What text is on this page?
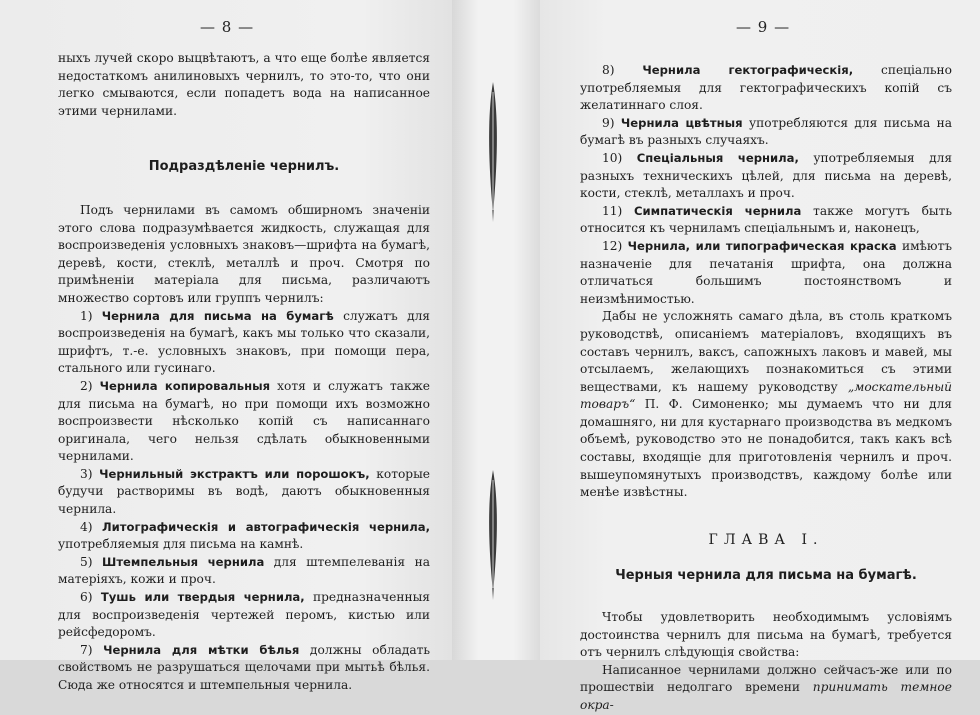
— 8 —

ныхъ лучей скоро выцвѣтаютъ, а что еще болѣе является недостаткомъ анилиновыхъ чернилъ, то это-то, что они легко смываются, если попадетъ вода на написанное этими чернилами.

Подраздѣленіе чернилъ.

Подъ чернилами въ самомъ обширномъ значеніи этого слова подразумѣвается жидкость, служащая для воспроизведенія условныхъ знаковъ—шрифта на бумагѣ, деревѣ, кости, стеклѣ, металлѣ и проч. Смотря по примѣненіи матеріала для письма, различаютъ множество сортовъ или группъ чернилъ:

1) Чернила для письма на бумагѣ служатъ для воспроизведенія на бумагѣ, какъ мы только что сказали, шрифтъ, т.-е. условныхъ знаковъ, при помощи пера, стального или гусинаго.

2) Чернила копировальныя хотя и служатъ также для письма на бумагѣ, но при помощи ихъ возможно воспроизвести нѣсколько копій съ написаннаго оригинала, чего нельзя сдѣлать обыкновенными чернилами.

3) Чернильный экстрактъ или порошокъ, которые будучи растворимы въ водѣ, даютъ обыкновенныя чернила.

4) Литографическія и автографическія чернила, употребляемыя для письма на камнѣ.

5) Штемпельныя чернила для штемпелеванія на матеріяхъ, кожи и проч.

6) Тушь или твердыя чернила, предназначенныя для воспроизведенія чертежей перомъ, кистью или рейсфедоромъ.

7) Чернила для мѣтки бѣлья должны обладать свойствомъ не разрушаться щелочами при мытьѣ бѣлья. Сюда же относятся и штемпельныя чернила.

— 9 —

8) Чернила гектографическія, спеціально употребляемыя для гектографическихъ копій съ желатиннаго слоя.

9) Чернила цвѣтныя употребляются для письма на бумагѣ въ разныхъ случаяхъ.

10) Спеціальныя чернила, употребляемыя для разныхъ техническихъ цѣлей, для письма на деревѣ, кости, стеклѣ, металлахъ и проч.

11) Симпатическія чернила также могутъ быть относится къ черниламъ спеціальнымъ и, наконецъ,

12) Чернила, или типографическая краска имѣютъ назначеніе для печатанія шрифта, она должна отличаться большимъ постоянствомъ и неизмѣнимостью.

Дабы не усложнять самаго дѣла, въ столь краткомъ руководствѣ, описаніемъ матеріаловъ, входящихъ въ составъ чернилъ, ваксъ, сапожныхъ лаковъ и мавей, мы отсылаемъ, желающихъ познакомиться съ этими веществами, къ нашему руководству „москательный товаръ“ П. Ф. Симоненко; мы думаемъ что ни для домашняго, ни для кустарнаго производства въ медкомъ объемѣ, руководство это не понадобится, такъ какъ всѣ составы, входящіе для приготовленія чернилъ и проч. вышеупомянутыхъ производствъ, каждому болѣе или менѣе извѣстны.

ГЛАВА I.
Черныя чернила для письма на бумагѣ.

Чтобы удовлетворить необходимымъ условіямъ достоинства чернилъ для письма на бумагѣ, требуется отъ чернилъ слѣдующія свойства:

Написанное чернилами должно сейчасъ-же или по прошествіи недолгаго времени принимать темное окра-
